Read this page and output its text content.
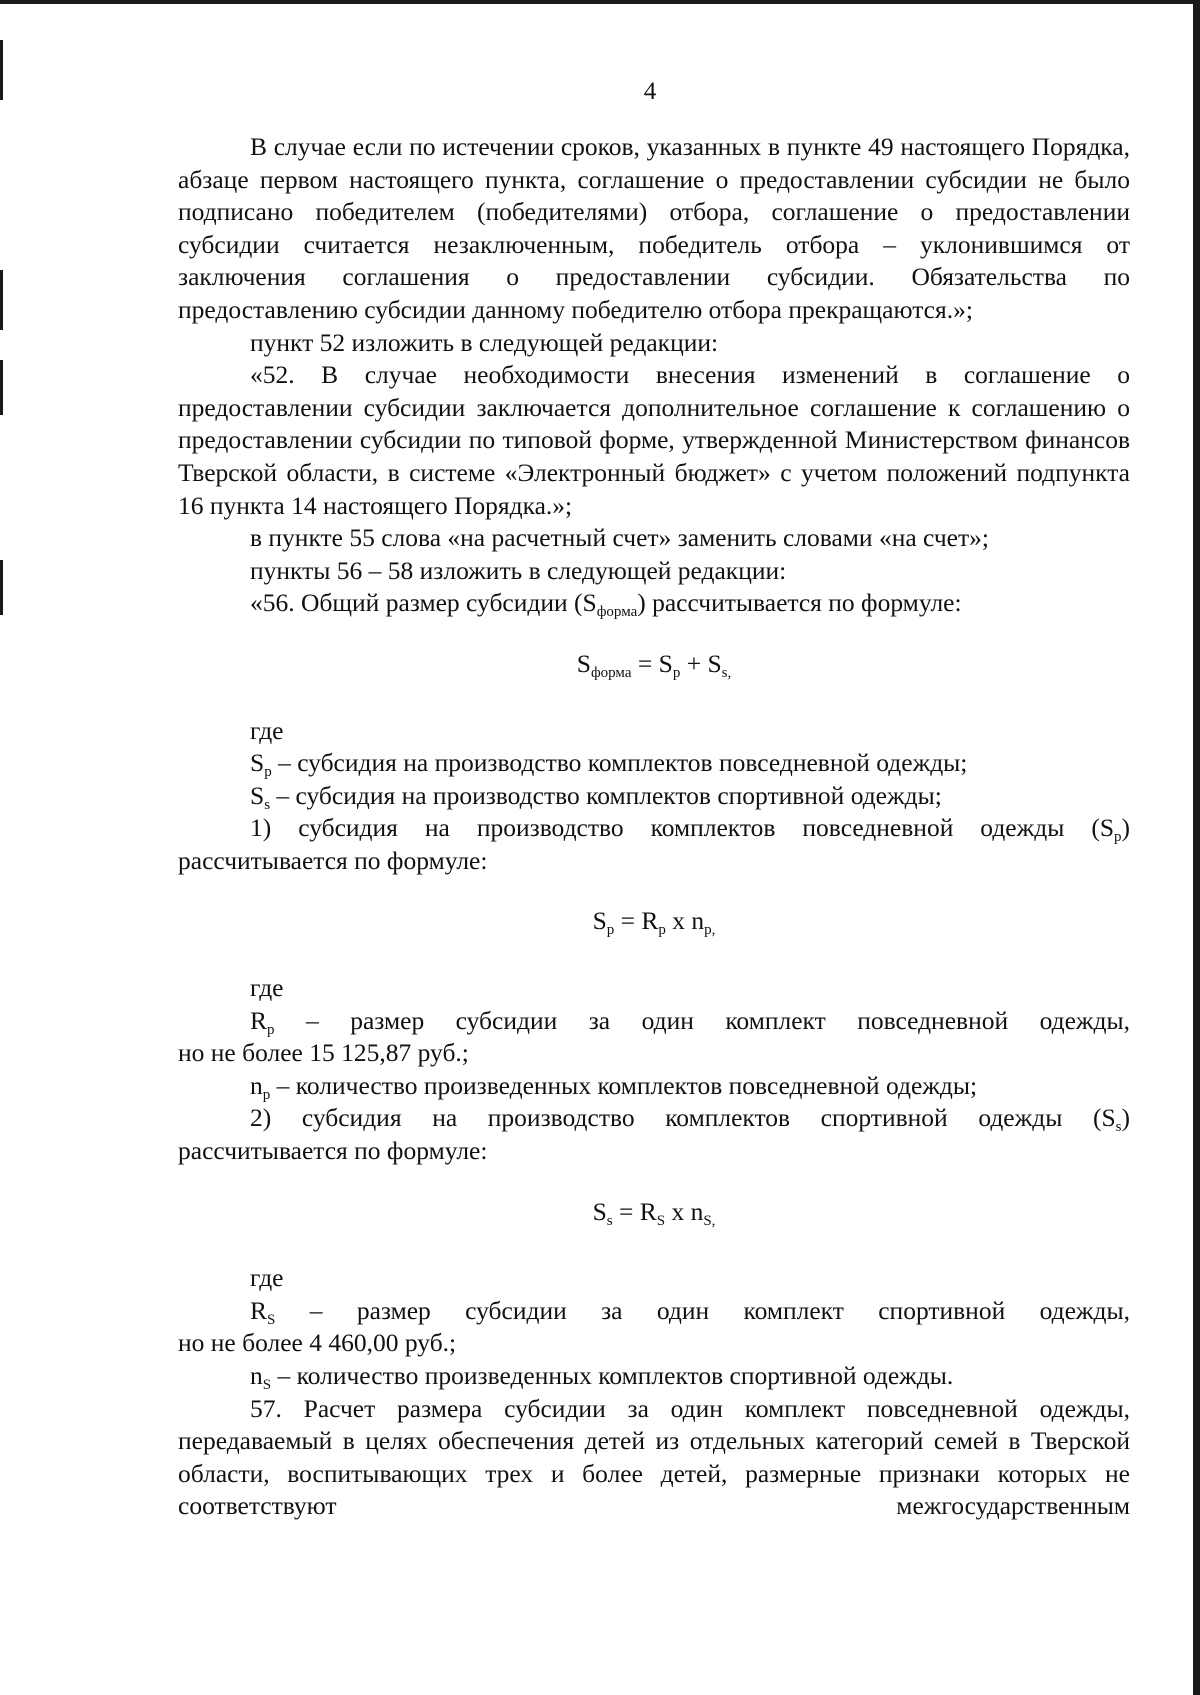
4

В случае если по истечении сроков, указанных в пункте 49 настоящего Порядка, абзаце первом настоящего пункта, соглашение о предоставлении субсидии не было подписано победителем (победителями) отбора, соглашение о предоставлении субсидии считается незаключенным, победитель отбора – уклонившимся от заключения соглашения о предоставлении субсидии. Обязательства по предоставлению субсидии данному победителю отбора прекращаются.»;

пункт 52 изложить в следующей редакции:

«52. В случае необходимости внесения изменений в соглашение о предоставлении субсидии заключается дополнительное соглашение к соглашению о предоставлении субсидии по типовой форме, утвержденной Министерством финансов Тверской области, в системе «Электронный бюджет» с учетом положений подпункта 16 пункта 14 настоящего Порядка.»;

в пункте 55 слова «на расчетный счет» заменить словами «на счет»;

пункты 56 – 58 изложить в следующей редакции:

«56. Общий размер субсидии $(S_{форма})$ рассчитывается по формуле:

$S_{форма} = S_р + S_{s,}$

где

$S_р$ – субсидия на производство комплектов повседневной одежды;

$S_s$ – субсидия на производство комплектов спортивной одежды;

1) субсидия на производство комплектов повседневной одежды $(S_р)$

рассчитывается по формуле:

$S_р = R_р$ х $n_{р,}$

где

$R_р$ – размер субсидии за один комплект повседневной одежды,

но не более 15 125,87 руб.;

$n_р$ – количество произведенных комплектов повседневной одежды;

2) субсидия на производство комплектов спортивной одежды $(S_s)$

рассчитывается по формуле:

$S_s = R_S$ х $n_{S,}$

где

$R_S$ – размер субсидии за один комплект спортивной одежды,

но не более 4 460,00 руб.;

$n_S$ – количество произведенных комплектов спортивной одежды.

57. Расчет размера субсидии за один комплект повседневной одежды, передаваемый в целях обеспечения детей из отдельных категорий семей в Тверской области, воспитывающих трех и более детей, размерные признаки которых не соответствуют межгосударственным
